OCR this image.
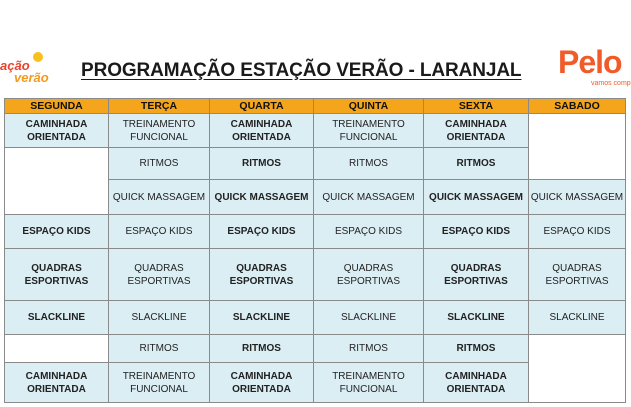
ação
verão PROGRAMAÇÃO ESTAÇÃO VERÃO - LARANJAL Pelo
vamos comp
SEGUNDA	TERÇA	QUARTA	QUINTA	SEXTA	SABADO
CAMINHADA ORIENTADA	TREINAMENTO FUNCIONAL	CAMINHADA ORIENTADA	TREINAMENTO FUNCIONAL	CAMINHADA ORIENTADA	
	RITMOS	RITMOS	RITMOS	RITMOS	
	QUICK MASSAGEM	QUICK MASSAGEM	QUICK MASSAGEM	QUICK MASSAGEM	QUICK MASSAGEM
ESPAÇO KIDS	ESPAÇO KIDS	ESPAÇO KIDS	ESPAÇO KIDS	ESPAÇO KIDS	ESPAÇO KIDS
QUADRAS ESPORTIVAS	QUADRAS ESPORTIVAS	QUADRAS ESPORTIVAS	QUADRAS ESPORTIVAS	QUADRAS ESPORTIVAS	QUADRAS ESPORTIVAS
SLACKLINE	SLACKLINE	SLACKLINE	SLACKLINE	SLACKLINE	SLACKLINE
	RITMOS	RITMOS	RITMOS	RITMOS	
CAMINHADA ORIENTADA	TREINAMENTO FUNCIONAL	CAMINHADA ORIENTADA	TREINAMENTO FUNCIONAL	CAMINHADA ORIENTADA	
